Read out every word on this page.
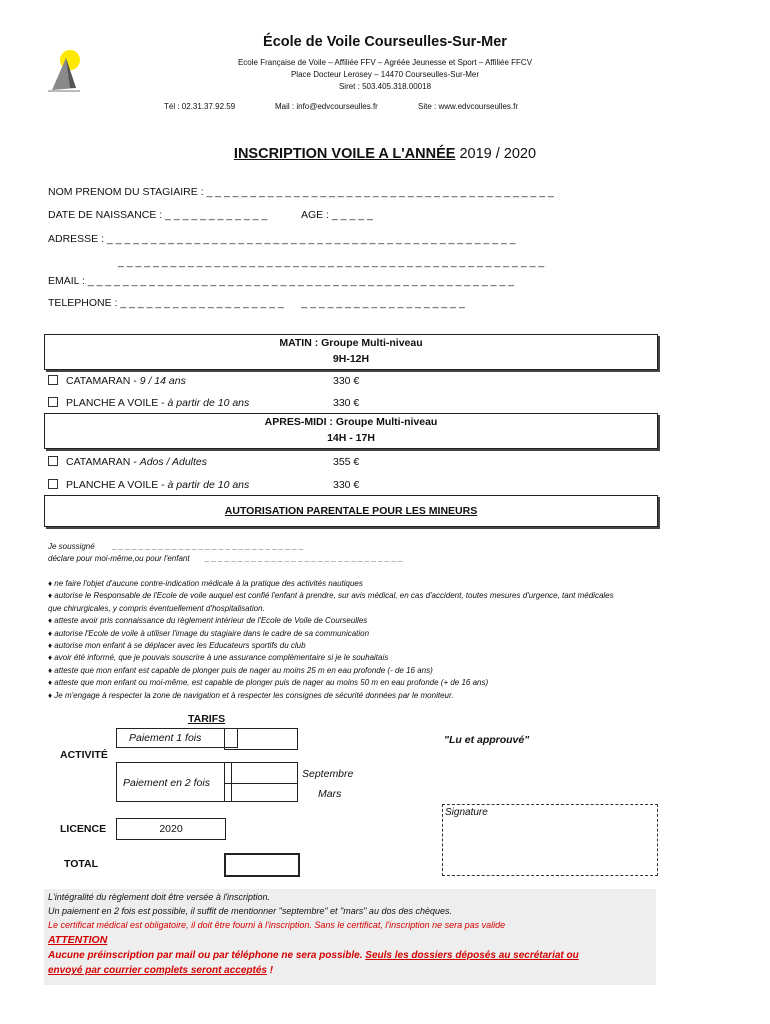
École de Voile Courseulles-Sur-Mer
Ecole Française de Voile – Affiliée FFV – Agréée Jeunesse et Sport – Affiliée FFCV
Place Docteur Lerosey – 14470 Courseulles-Sur-Mer
Siret : 503.405.318.00018
Tél : 02.31.37.92.59	Mail : info@edvcourseulles.fr	Site : www.edvcourseulles.fr
INSCRIPTION VOILE A L'ANNÉE 2019 / 2020
NOM PRENOM DU STAGIAIRE : _ _ _ _ _ _ _ _ _ _ _ _ _ _ _ _ _ _ _ _ _ _ _ _ _ _ _ _ _ _ _ _ _ _ _ _ _ _ _ _
DATE DE NAISSANCE : _ _ _ _ _ _ _ _ _ _ _ _	AGE : _ _ _ _ _
ADRESSE : _ _ _ _ _ _ _ _ _ _ _ _ _ _ _ _ _ _ _ _ _ _ _ _ _ _ _ _ _ _ _ _ _ _ _ _ _ _ _ _ _ _ _ _ _ _ _
_ _ _ _ _ _ _ _ _ _ _ _ _ _ _ _ _ _ _ _ _ _ _ _ _ _ _ _ _ _ _ _ _ _ _ _ _ _ _ _ _ _ _ _ _ _ _ _ _
EMAIL : _ _ _ _ _ _ _ _ _ _ _ _ _ _ _ _ _ _ _ _ _ _ _ _ _ _ _ _ _ _ _ _ _ _ _ _ _ _ _ _ _ _ _ _ _ _ _ _ _
TELEPHONE : _ _ _ _ _ _ _ _ _ _ _ _ _ _ _ _ _ _ _      _ _ _ _ _ _ _ _ _ _ _ _ _ _ _ _ _ _ _
MATIN : Groupe Multi-niveau
9H-12H
CATAMARAN - 9 / 14 ans	330 €
PLANCHE A VOILE - à partir de 10 ans	330 €
APRES-MIDI : Groupe Multi-niveau
14H - 17H
CATAMARAN - Ados / Adultes	355 €
PLANCHE A VOILE - à partir de 10 ans	330 €
AUTORISATION PARENTALE POUR LES MINEURS
Je soussigné        _ _ _ _ _ _ _ _ _ _ _ _ _ _ _ _ _ _ _ _ _ _ _ _ _ _ _ _ _
déclare pour moi-même,ou pour l'enfant       _ _ _ _ _ _ _ _ _ _ _ _ _ _ _ _ _ _ _ _ _ _ _ _ _ _ _ _ _ _
♦ ne faire l'objet d'aucune contre-indication médicale à la pratique des activités nautiques
♦ autorise le Responsable de l'Ecole de voile auquel est confié l'enfant à prendre, sur avis médical, en cas d'accident, toutes mesures d'urgence, tant médicales que chirurgicales, y compris éventuellement d'hospitalisation.
♦ atteste avoir pris connaissance du règlement intérieur de l'Ecole de Voile de Courseulles
♦ autorise l'Ecole de voile à utiliser l'image du stagiaire dans le cadre de sa communication
♦ autorise mon enfant à se déplacer avec les Educateurs sportifs du club
♦ avoir été informé, que je pouvais souscrire à une assurance complémentaire si je le souhaitais
♦ atteste que mon enfant est capable de plonger puis de nager au moins 25 m en eau profonde (- de 16 ans)
♦ atteste que mon enfant ou moi-même, est capable de plonger puis de nager au moins 50 m en eau profonde (+ de 16 ans)
♦ Je m'engage à respecter la zone de navigation et à respecter les consignes de sécurité données par le moniteur.
TARIFS
Paiement 1 fois
ACTIVITÉ
Paiement en 2 fois
Septembre
Mars
LICENCE	2020
TOTAL
"Lu et approuvé"
Signature
L'intégralité du règlement doit être versée à l'inscription.
Un paiement en 2 fois est possible, il suffit de mentionner "septembre" et "mars" au dos des chèques.
Le certificat médical est obligatoire, il doit être fourni à l'inscription. Sans le certificat, l'inscription ne sera pas valide
ATTENTION
Aucune préinscription par mail ou par téléphone ne sera possible. Seuls les dossiers déposés au secrétariat ou
envoyé par courrier complets seront acceptés !
